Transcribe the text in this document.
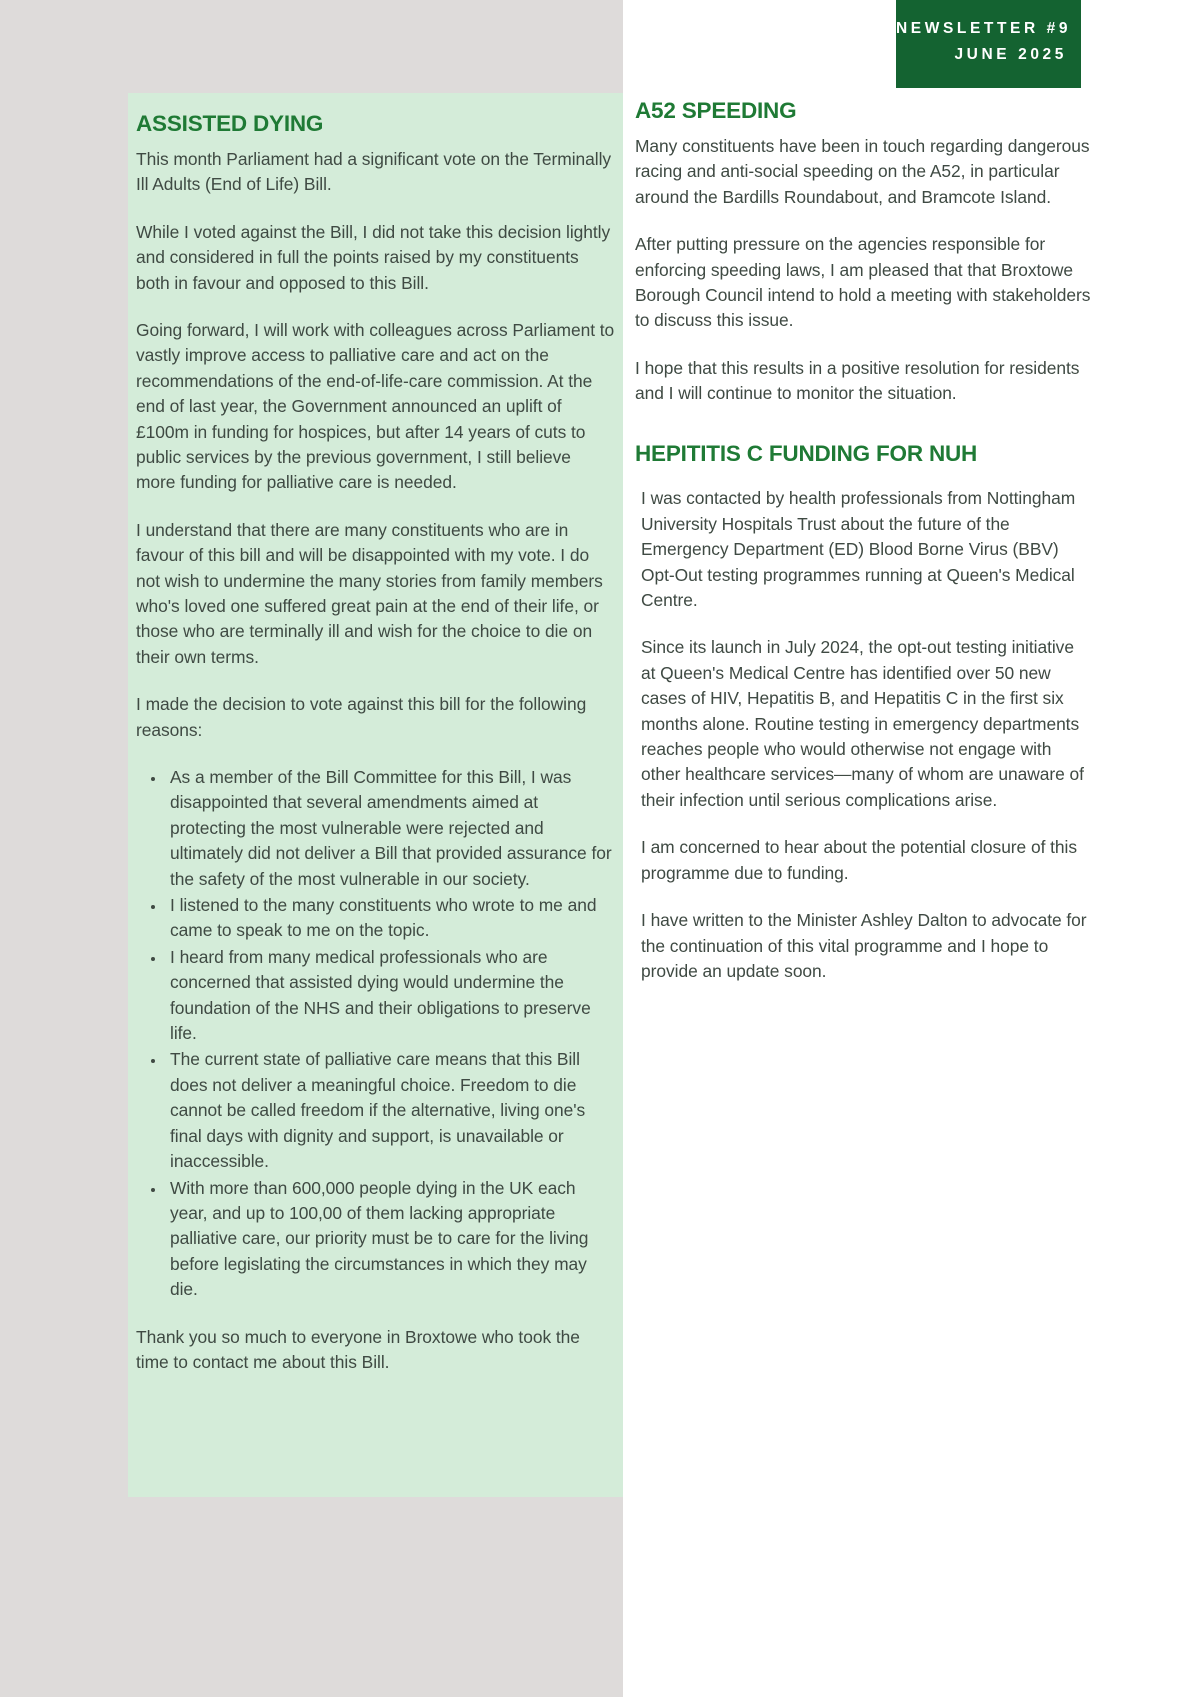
NEWSLETTER #9
JUNE 2025
ASSISTED DYING

This month Parliament had a significant vote on the Terminally Ill Adults (End of Life) Bill.

While I voted against the Bill, I did not take this decision lightly and considered in full the points raised by my constituents both in favour and opposed to this Bill.

Going forward, I will work with colleagues across Parliament to vastly improve access to palliative care and act on the recommendations of the end-of-life-care commission. At the end of last year, the Government announced an uplift of £100m in funding for hospices, but after 14 years of cuts to public services by the previous government, I still believe more funding for palliative care is needed.

I understand that there are many constituents who are in favour of this bill and will be disappointed with my vote. I do not wish to undermine the many stories from family members who's loved one suffered great pain at the end of their life, or those who are terminally ill and wish for the choice to die on their own terms.

I made the decision to vote against this bill for the following reasons:

• As a member of the Bill Committee for this Bill, I was disappointed that several amendments aimed at protecting the most vulnerable were rejected and ultimately did not deliver a Bill that provided assurance for the safety of the most vulnerable in our society.
• I listened to the many constituents who wrote to me and came to speak to me on the topic.
• I heard from many medical professionals who are concerned that assisted dying would undermine the foundation of the NHS and their obligations to preserve life.
• The current state of palliative care means that this Bill does not deliver a meaningful choice. Freedom to die cannot be called freedom if the alternative, living one's final days with dignity and support, is unavailable or inaccessible.
• With more than 600,000 people dying in the UK each year, and up to 100,00 of them lacking appropriate palliative care, our priority must be to care for the living before legislating the circumstances in which they may die.

Thank you so much to everyone in Broxtowe who took the time to contact me about this Bill.

A52 SPEEDING

Many constituents have been in touch regarding dangerous racing and anti-social speeding on the A52, in particular around the Bardills Roundabout, and Bramcote Island.

After putting pressure on the agencies responsible for enforcing speeding laws, I am pleased that that Broxtowe Borough Council intend to hold a meeting with stakeholders to discuss this issue.

I hope that this results in a positive resolution for residents and I will continue to monitor the situation.

HEPITITIS C FUNDING FOR NUH

I was contacted by health professionals from Nottingham University Hospitals Trust about the future of the Emergency Department (ED) Blood Borne Virus (BBV) Opt-Out testing programmes running at Queen's Medical Centre.

Since its launch in July 2024, the opt-out testing initiative at Queen's Medical Centre has identified over 50 new cases of HIV, Hepatitis B, and Hepatitis C in the first six months alone. Routine testing in emergency departments reaches people who would otherwise not engage with other healthcare services—many of whom are unaware of their infection until serious complications arise.

I am concerned to hear about the potential closure of this programme due to funding.

I have written to the Minister Ashley Dalton to advocate for the continuation of this vital programme and I hope to provide an update soon.
